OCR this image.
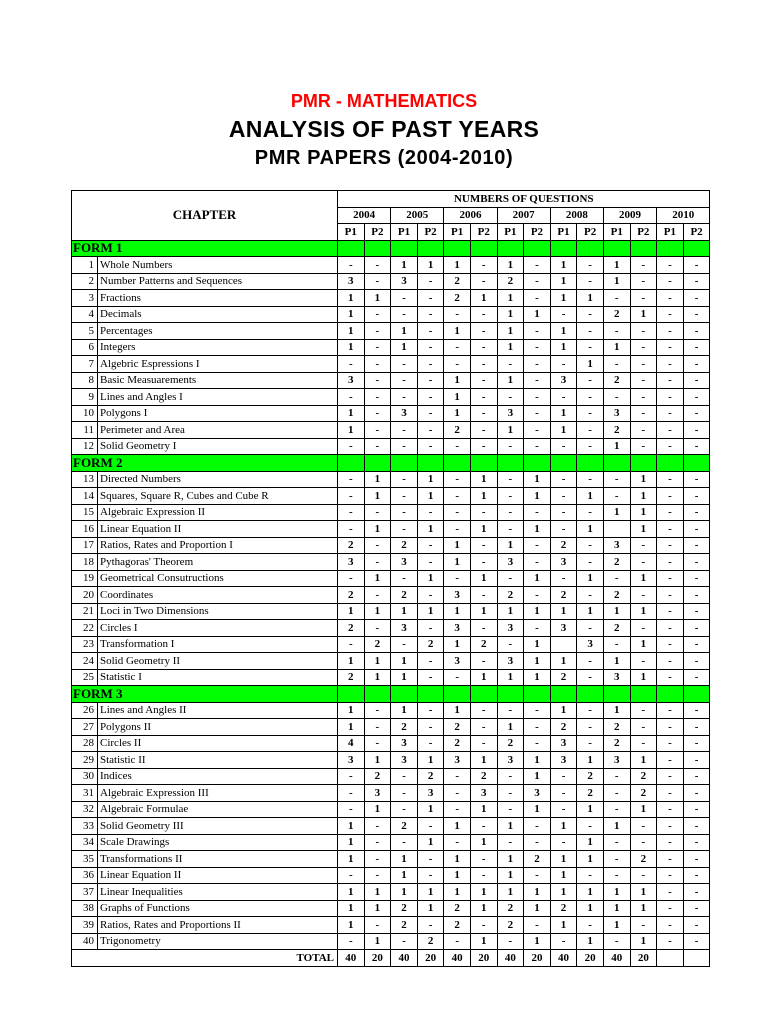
PMR - MATHEMATICS
ANALYSIS OF PAST YEARS
PMR PAPERS (2004-2010)
CHAPTER		NUMBERS OF QUESTIONS													
		2004		2005		2006		2007		2008		2009		2010	
		P1	P2	P1	P2	P1	P2	P1	P2	P1	P2	P1	P2	P1	P2
FORM 1															
1	Whole Numbers	-	-	1	1	1	-	1	-	1	-	1	-	-	-
2	Number Patterns and Sequences	3	-	3	-	2	-	2	-	1	-	1	-	-	-
3	Fractions	1	1	-	-	2	1	1	-	1	1	-	-	-	-
4	Decimals	1	-	-	-	-	-	1	1	-	-	2	1	-	-
5	Percentages	1	-	1	-	1	-	1	-	1	-	-	-	-	-
6	Integers	1	-	1	-	-	-	1	-	1	-	1	-	-	-
7	Algebric Espressions I	-	-	-	-	-	-	-	-	-	1	-	-	-	-
8	Basic Measuarements	3	-	-	-	1	-	1	-	3	-	2	-	-	-
9	Lines and Angles I	-	-	-	-	1	-	-	-	-	-	-	-	-	-
10	Polygons I	1	-	3	-	1	-	3	-	1	-	3	-	-	-
11	Perimeter and Area	1	-	-	-	2	-	1	-	1	-	2	-	-	-
12	Solid Geometry I	-	-	-	-	-	-	-	-	-	-	1	-	-	-
FORM 2															
13	Directed Numbers	-	1	-	1	-	1	-	1	-	-	-	1	-	-
14	Squares, Square R, Cubes and Cube R	-	1	-	1	-	1	-	1	-	1	-	1	-	-
15	Algebraic Expression II	-	-	-	-	-	-	-	-	-	-	1	1	-	-
16	Linear Equation II	-	1	-	1	-	1	-	1	-	1		1	-	-
17	Ratios, Rates and Proportion I	2	-	2	-	1	-	1	-	2	-	3	-	-	-
18	Pythagoras' Theorem	3	-	3	-	1	-	3	-	3	-	2	-	-	-
19	Geometrical Consutructions	-	1	-	1	-	1	-	1	-	1	-	1	-	-
20	Coordinates	2	-	2	-	3	-	2	-	2	-	2	-	-	-
21	Loci in Two Dimensions	1	1	1	1	1	1	1	1	1	1	1	1	-	-
22	Circles I	2	-	3	-	3	-	3	-	3	-	2	-	-	-
23	Transformation I	-	2	-	2	1	2	-	1		3	-	1	-	-
24	Solid Geometry II	1	1	1	-	3	-	3	1	1	-	1	-	-	-
25	Statistic I	2	1	1	-	-	1	1	1	2	-	3	1	-	-
FORM 3															
26	Lines and Angles II	1	-	1	-	1	-	-	-	1	-	1	-	-	-
27	Polygons II	1	-	2	-	2	-	1	-	2	-	2	-	-	-
28	Circles II	4	-	3	-	2	-	2	-	3	-	2	-	-	-
29	Statistic II	3	1	3	1	3	1	3	1	3	1	3	1	-	-
30	Indices	-	2	-	2	-	2	-	1	-	2	-	2	-	-
31	Algebraic Expression III	-	3	-	3	-	3	-	3	-	2	-	2	-	-
32	Algebraic Formulae	-	1	-	1	-	1	-	1	-	1	-	1	-	-
33	Solid Geometry III	1	-	2	-	1	-	1	-	1	-	1	-	-	-
34	Scale Drawings	1	-	-	1	-	1	-	-	-	1	-	-	-	-
35	Transformations II	1	-	1	-	1	-	1	2	1	1	-	2	-	-
36	Linear Equation II	-	-	1	-	1	-	1	-	1	-	-	-	-	-
37	Linear Inequalities	1	1	1	1	1	1	1	1	1	1	1	1	-	-
38	Graphs of Functions	1	1	2	1	2	1	2	1	2	1	1	1	-	-
39	Ratios, Rates and Proportions II	1	-	2	-	2	-	2	-	1	-	1	-	-	-
40	Trigonometry	-	1	-	2	-	1	-	1	-	1	-	1	-	-
TOTAL		40	20	40	20	40	20	40	20	40	20	40	20		
